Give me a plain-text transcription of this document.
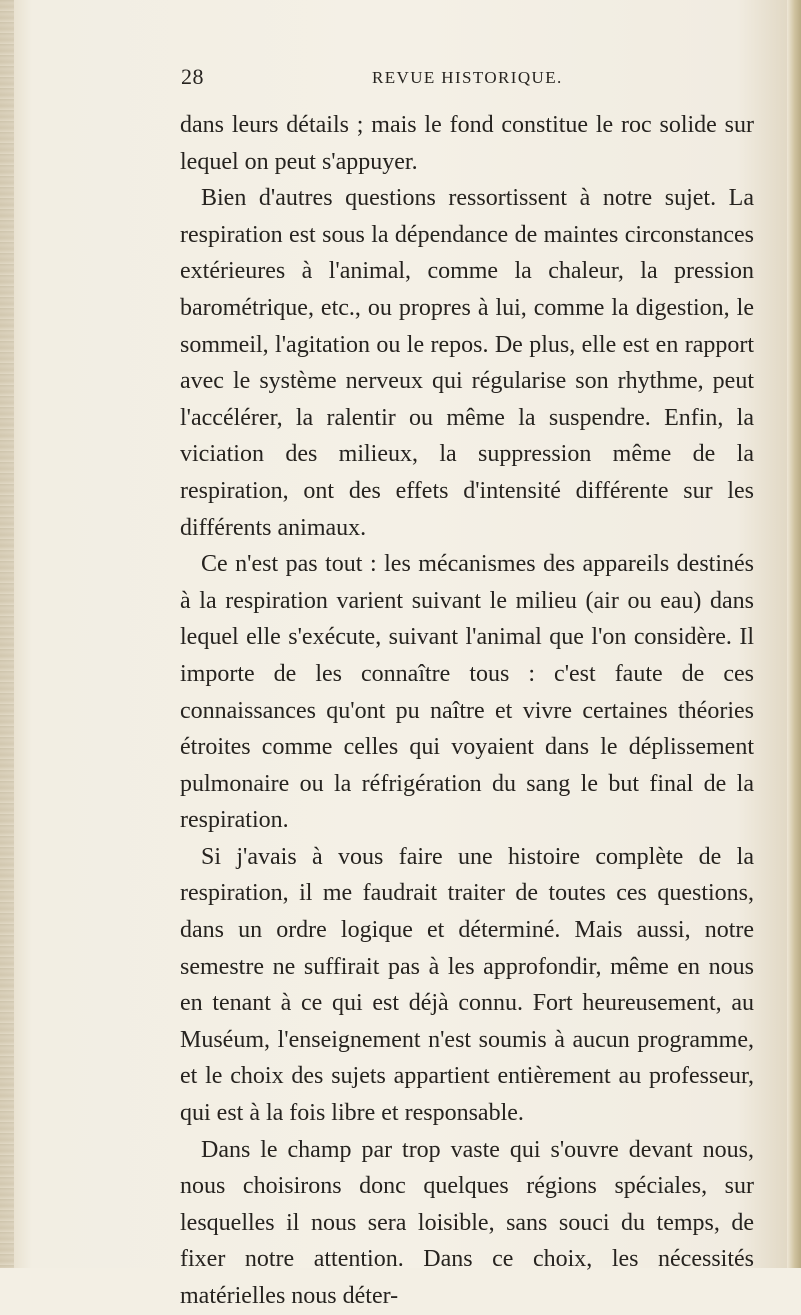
28	REVUE HISTORIQUE.

dans leurs détails ; mais le fond constitue le roc solide sur lequel on peut s'appuyer.

Bien d'autres questions ressortissent à notre sujet. La respiration est sous la dépendance de maintes circonstances extérieures à l'animal, comme la chaleur, la pression barométrique, etc., ou propres à lui, comme la digestion, le sommeil, l'agitation ou le repos. De plus, elle est en rapport avec le système nerveux qui régularise son rhythme, peut l'accélérer, la ralentir ou même la suspendre. Enfin, la viciation des milieux, la suppression même de la respiration, ont des effets d'intensité différente sur les différents animaux.

Ce n'est pas tout : les mécanismes des appareils destinés à la respiration varient suivant le milieu (air ou eau) dans lequel elle s'exécute, suivant l'animal que l'on considère. Il importe de les connaître tous : c'est faute de ces connaissances qu'ont pu naître et vivre certaines théories étroites comme celles qui voyaient dans le déplissement pulmonaire ou la réfrigération du sang le but final de la respiration.

Si j'avais à vous faire une histoire complète de la respiration, il me faudrait traiter de toutes ces questions, dans un ordre logique et déterminé. Mais aussi, notre semestre ne suffirait pas à les approfondir, même en nous en tenant à ce qui est déjà connu. Fort heureusement, au Muséum, l'enseignement n'est soumis à aucun programme, et le choix des sujets appartient entièrement au professeur, qui est à la fois libre et responsable.

Dans le champ par trop vaste qui s'ouvre devant nous, nous choisirons donc quelques régions spéciales, sur lesquelles il nous sera loisible, sans souci du temps, de fixer notre attention. Dans ce choix, les nécessités matérielles nous déter-
